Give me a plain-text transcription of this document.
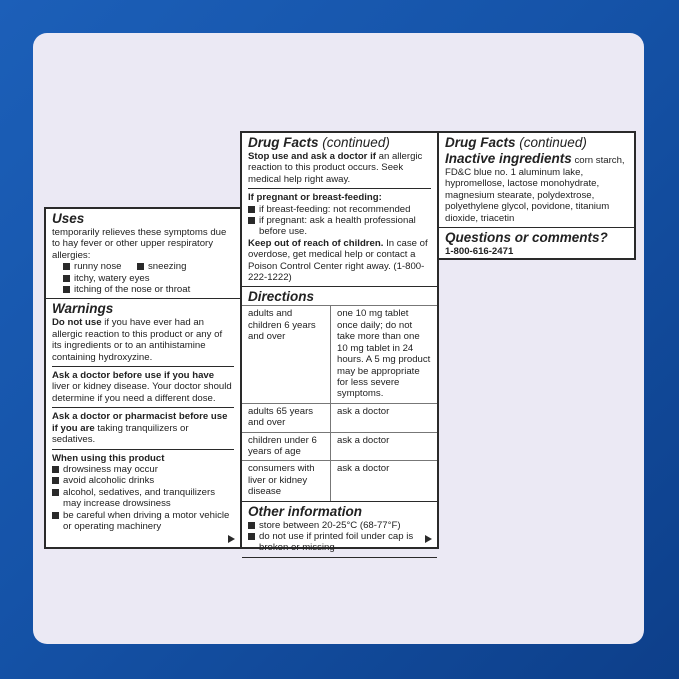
Uses
temporarily relieves these symptoms due to hay fever or other upper respiratory allergies:
runny nose	sneezing
itchy, watery eyes
itching of the nose or throat
Warnings
Do not use if you have ever had an allergic reaction to this product or any of its ingredients or to an antihistamine containing hydroxyzine.
Ask a doctor before use if you have liver or kidney disease. Your doctor should determine if you need a different dose.
Ask a doctor or pharmacist before use if you are taking tranquilizers or sedatives.
When using this product
drowsiness may occur
avoid alcoholic drinks
alcohol, sedatives, and tranquilizers may increase drowsiness
be careful when driving a motor vehicle or operating machinery
Drug Facts (continued)
Stop use and ask a doctor if an allergic reaction to this product occurs. Seek medical help right away.
If pregnant or breast-feeding:
if breast-feeding: not recommended
if pregnant: ask a health professional before use.
Keep out of reach of children. In case of overdose, get medical help or contact a Poison Control Center right away. (1-800-222-1222)
Directions
adults and children 6 years and over	one 10 mg tablet once daily; do not take more than one 10 mg tablet in 24 hours. A 5 mg product may be appropriate for less severe symptoms.
adults 65 years and over	ask a doctor
children under 6 years of age	ask a doctor
consumers with liver or kidney disease	ask a doctor
Other information
store between 20-25°C (68-77°F)
do not use if printed foil under cap is broken or missing
Drug Facts (continued)
Inactive ingredients corn starch, FD&C blue no. 1 aluminum lake, hypromellose, lactose monohydrate, magnesium stearate, polydextrose, polyethylene glycol, povidone, titanium dioxide, triacetin
Questions or comments?
1-800-616-2471
